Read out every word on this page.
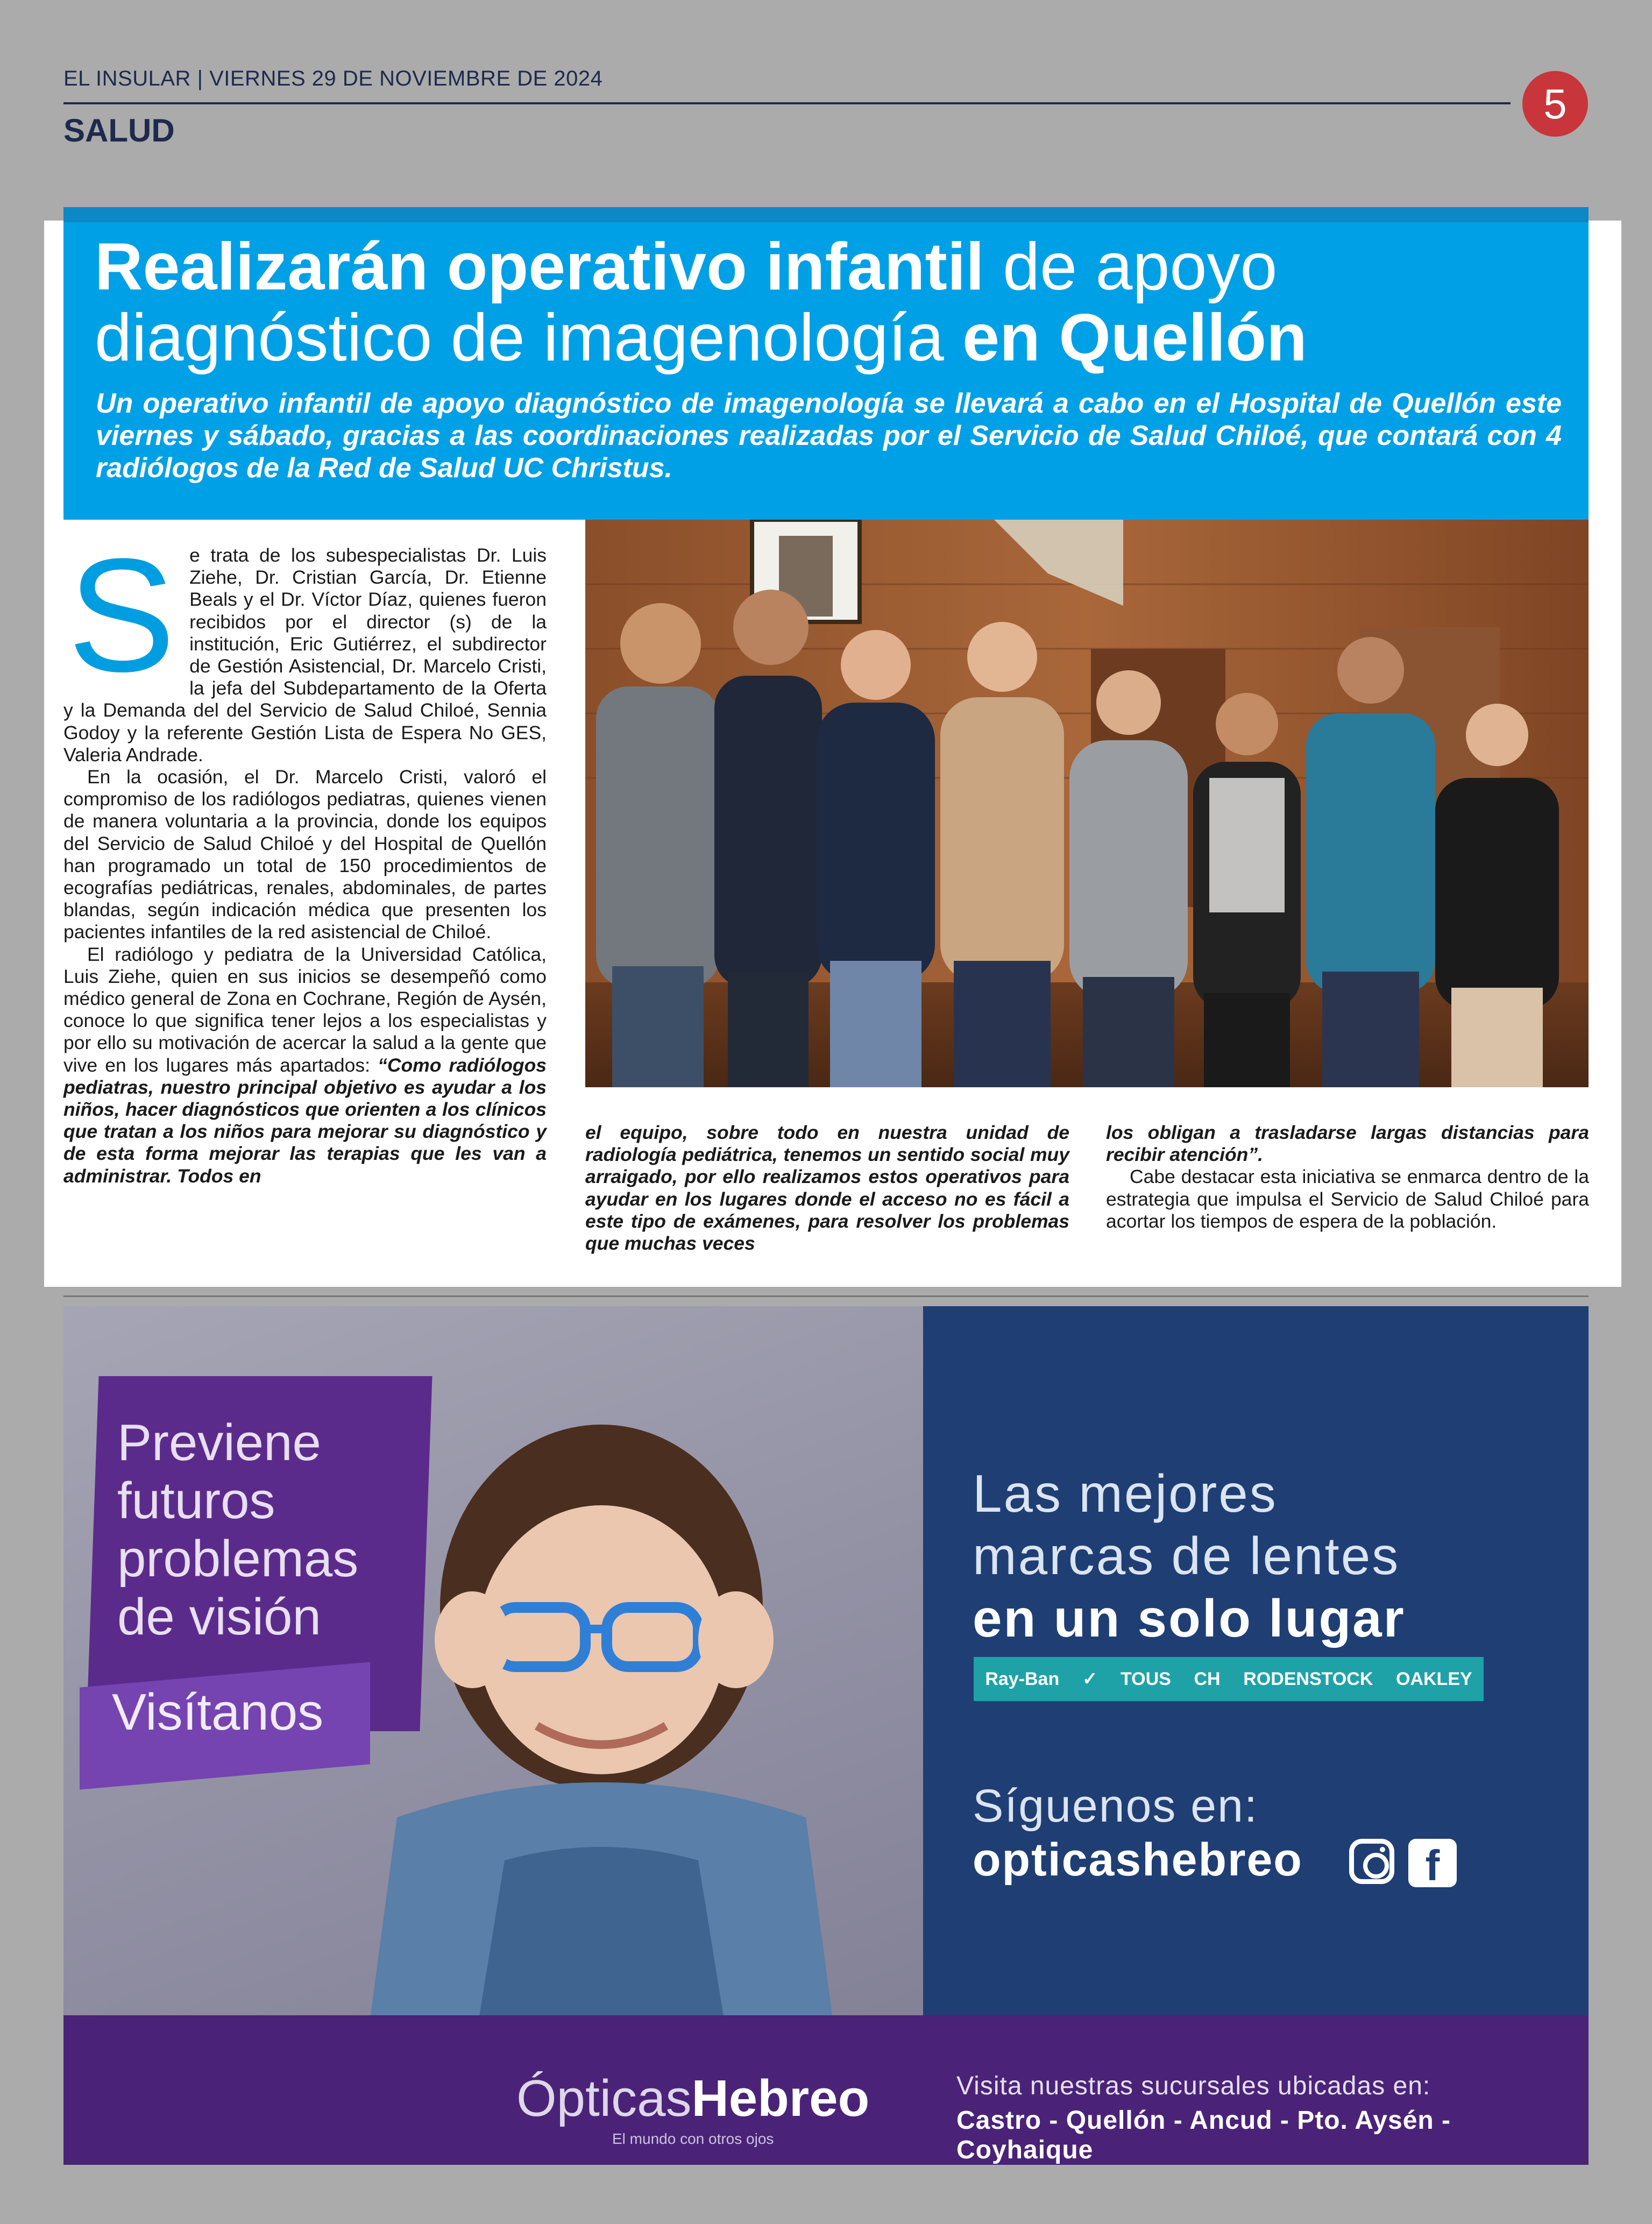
EL INSULAR | VIERNES 29 DE NOVIEMBRE DE 2024
SALUD
5
Realizarán operativo infantil de apoyo diagnóstico de imagenología en Quellón
Un operativo infantil de apoyo diagnóstico de imagenología se llevará a cabo en el Hospital de Quellón este viernes y sábado, gracias a las coordinaciones realizadas por el Servicio de Salud Chiloé, que contará con 4 radiólogos de la Red de Salud UC Christus.
S e trata de los subespecialistas Dr. Luis Ziehe, Dr. Cristian García, Dr. Etienne Beals y el Dr. Víctor Díaz, quienes fueron recibidos por el director (s) de la institución, Eric Gutiérrez, el subdirector de Gestión Asistencial, Dr. Marcelo Cristi, la jefa del Subdepartamento de la Oferta y la Demanda del del Servicio de Salud Chiloé, Sennia Godoy y la referente Gestión Lista de Espera No GES, Valeria Andrade.

En la ocasión, el Dr. Marcelo Cristi, valoró el compromiso de los radiólogos pediatras, quienes vienen de manera voluntaria a la provincia, donde los equipos del Servicio de Salud Chiloé y del Hospital de Quellón han programado un total de 150 procedimientos de ecografías pediátricas, renales, abdominales, de partes blandas, según indicación médica que presenten los pacientes infantiles de la red asistencial de Chiloé.

El radiólogo y pediatra de la Universidad Católica, Luis Ziehe, quien en sus inicios se desempeñó como médico general de Zona en Cochrane, Región de Aysén, conoce lo que significa tener lejos a los especialistas y por ello su motivación de acercar la salud a la gente que vive en los lugares más apartados: “Como radiólogos pediatras, nuestro principal objetivo es ayudar a los niños, hacer diagnósticos que orienten a los clínicos que tratan a los niños para mejorar su diagnóstico y de esta forma mejorar las terapias que les van a administrar. Todos en

el equipo, sobre todo en nuestra unidad de radiología pediátrica, tenemos un sentido social muy arraigado, por ello realizamos estos operativos para ayudar en los lugares donde el acceso no es fácil a este tipo de exámenes, para resolver los problemas que muchas veces

los obligan a trasladarse largas distancias para recibir atención”.

Cabe destacar esta iniciativa se enmarca dentro de la estrategia que impulsa el Servicio de Salud Chiloé para acortar los tiempos de espera de la población.

Previene
futuros
problemas
de visión
Visítanos
Las mejores
marcas de lentes
en un solo lugar
Ray-Ban ✓ TOUS CH RODENSTOCK OAKLEY
Síguenos en:
opticashebreo	f
ÓpticasHebreo
El mundo con otros ojos
Visita nuestras sucursales ubicadas en:
Castro - Quellón - Ancud - Pto. Aysén - Coyhaique
